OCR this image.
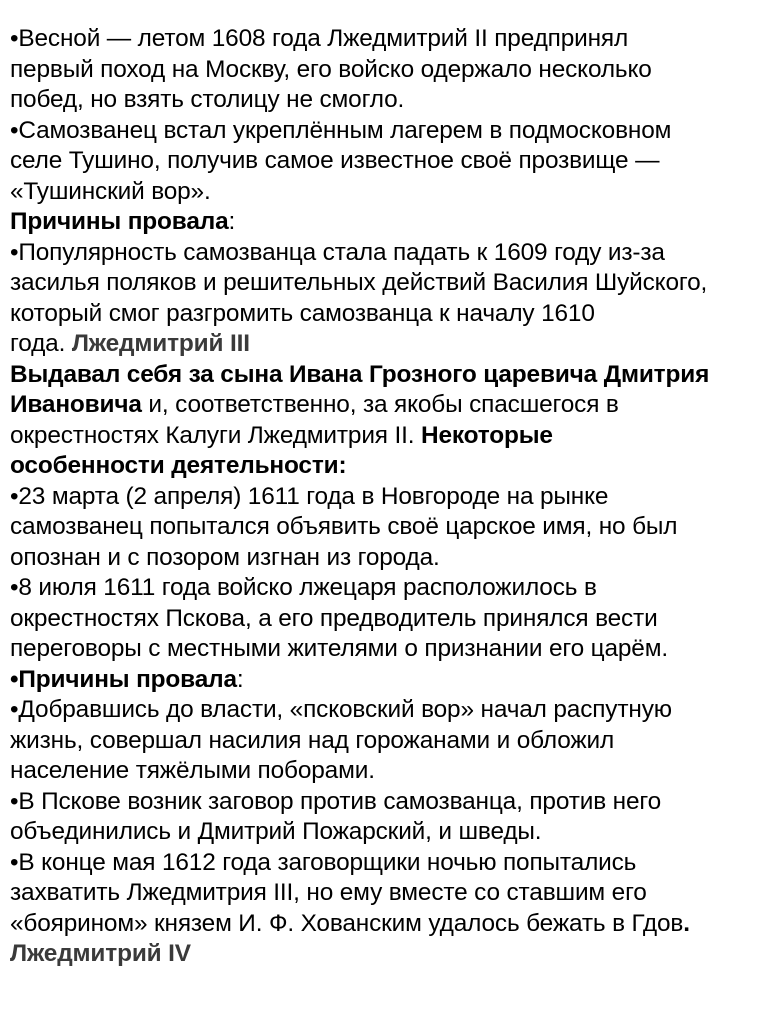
•Весной — летом 1608 года Лжедмитрий II предпринял
первый поход на Москву, его войско одержало несколько
побед, но взять столицу не смогло.
•Самозванец встал укреплённым лагерем в подмосковном
селе Тушино, получив самое известное своё прозвище —
«Тушинский вор».
Причины провала:
•Популярность самозванца стала падать к 1609 году из-за
засилья поляков и решительных действий Василия Шуйского,
который смог разгромить самозванца к началу 1610
года. Лжедмитрий III
Выдавал себя за сына Ивана Грозного царевича Дмитрия
Ивановича и, соответственно, за якобы спасшегося в
окрестностях Калуги Лжедмитрия II. Некоторые
особенности деятельности:
•23 марта (2 апреля) 1611 года в Новгороде на рынке
самозванец попытался объявить своё царское имя, но был
опознан и с позором изгнан из города.
•8 июля 1611 года войско лжецаря расположилось в
окрестностях Пскова, а его предводитель принялся вести
переговоры с местными жителями о признании его царём.
•Причины провала:
•Добравшись до власти, «псковский вор» начал распутную
жизнь, совершал насилия над горожанами и обложил
население тяжёлыми поборами.
•В Пскове возник заговор против самозванца, против него
объединились и Дмитрий Пожарский, и шведы.
•В конце мая 1612 года заговорщики ночью попытались
захватить Лжедмитрия III, но ему вместе со ставшим его
«боярином» князем И. Ф. Хованским удалось бежать в Гдов.
Лжедмитрий IV
